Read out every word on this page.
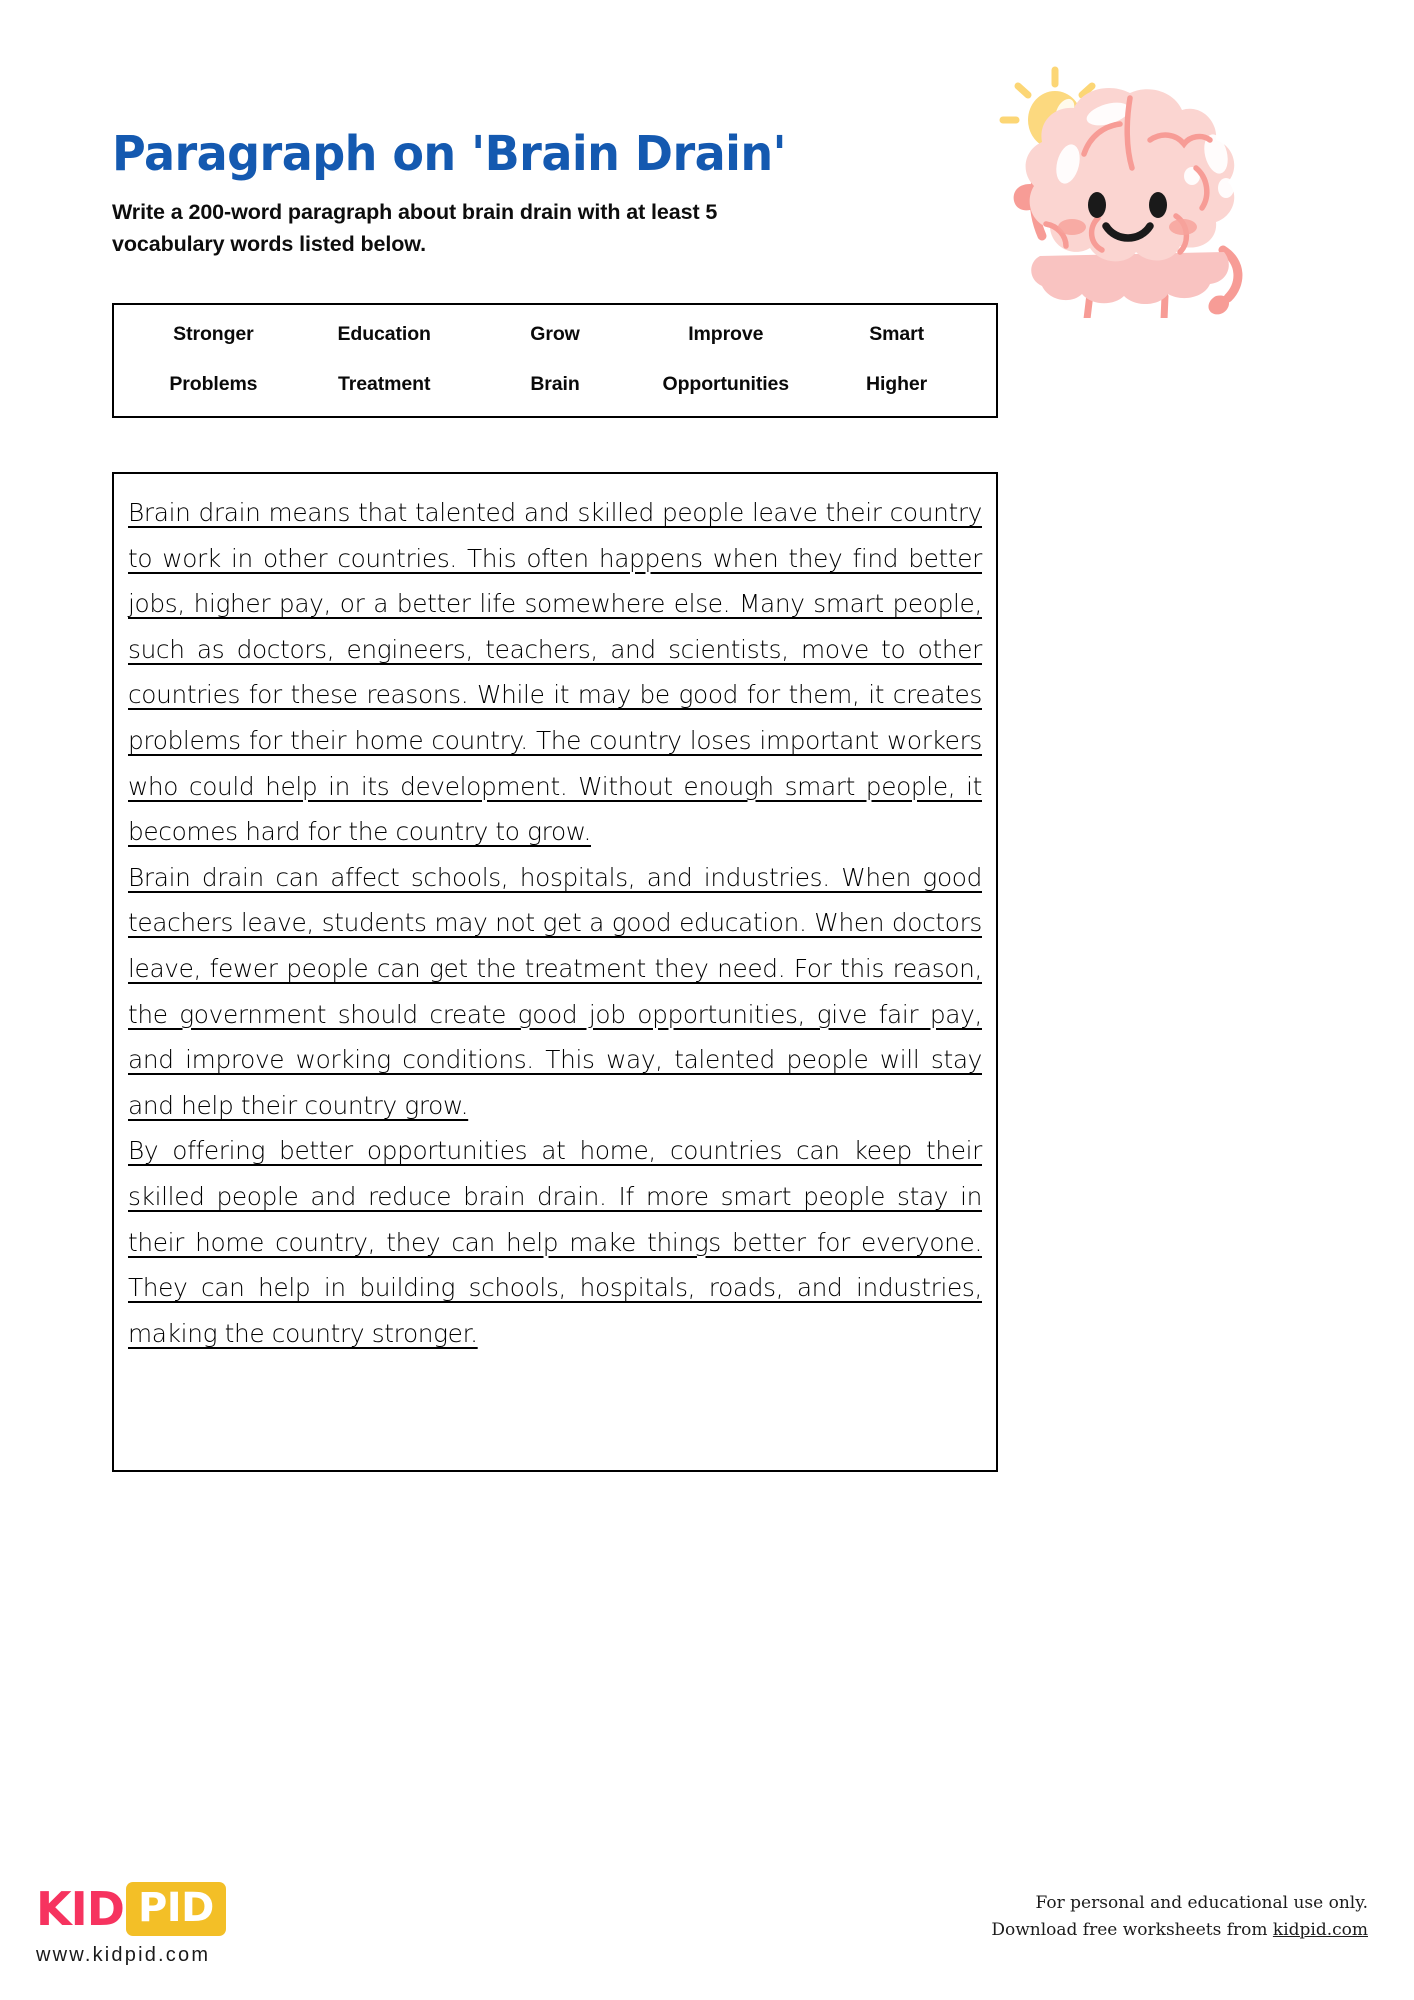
Paragraph on 'Brain Drain'
Write a 200-word paragraph about brain drain with at least 5 vocabulary words listed below.
Stronger	Education	Grow	Improve	Smart
Problems	Treatment	Brain	Opportunities	Higher

Brain drain means that talented and skilled people leave their country to work in other countries. This often happens when they find better jobs, higher pay, or a better life somewhere else. Many smart people, such as doctors, engineers, teachers, and scientists, move to other countries for these reasons. While it may be good for them, it creates problems for their home country. The country loses important workers who could help in its development. Without enough smart people, it becomes hard for the country to grow.

Brain drain can affect schools, hospitals, and industries. When good teachers leave, students may not get a good education. When doctors leave, fewer people can get the treatment they need. For this reason, the government should create good job opportunities, give fair pay, and improve working conditions. This way, talented people will stay and help their country grow.

By offering better opportunities at home, countries can keep their skilled people and reduce brain drain. If more smart people stay in their home country, they can help make things better for everyone. They can help in building schools, hospitals, roads, and industries, making the country stronger.

KID PID
www.kidpid.com
For personal and educational use only.
Download free worksheets from kidpid.com
